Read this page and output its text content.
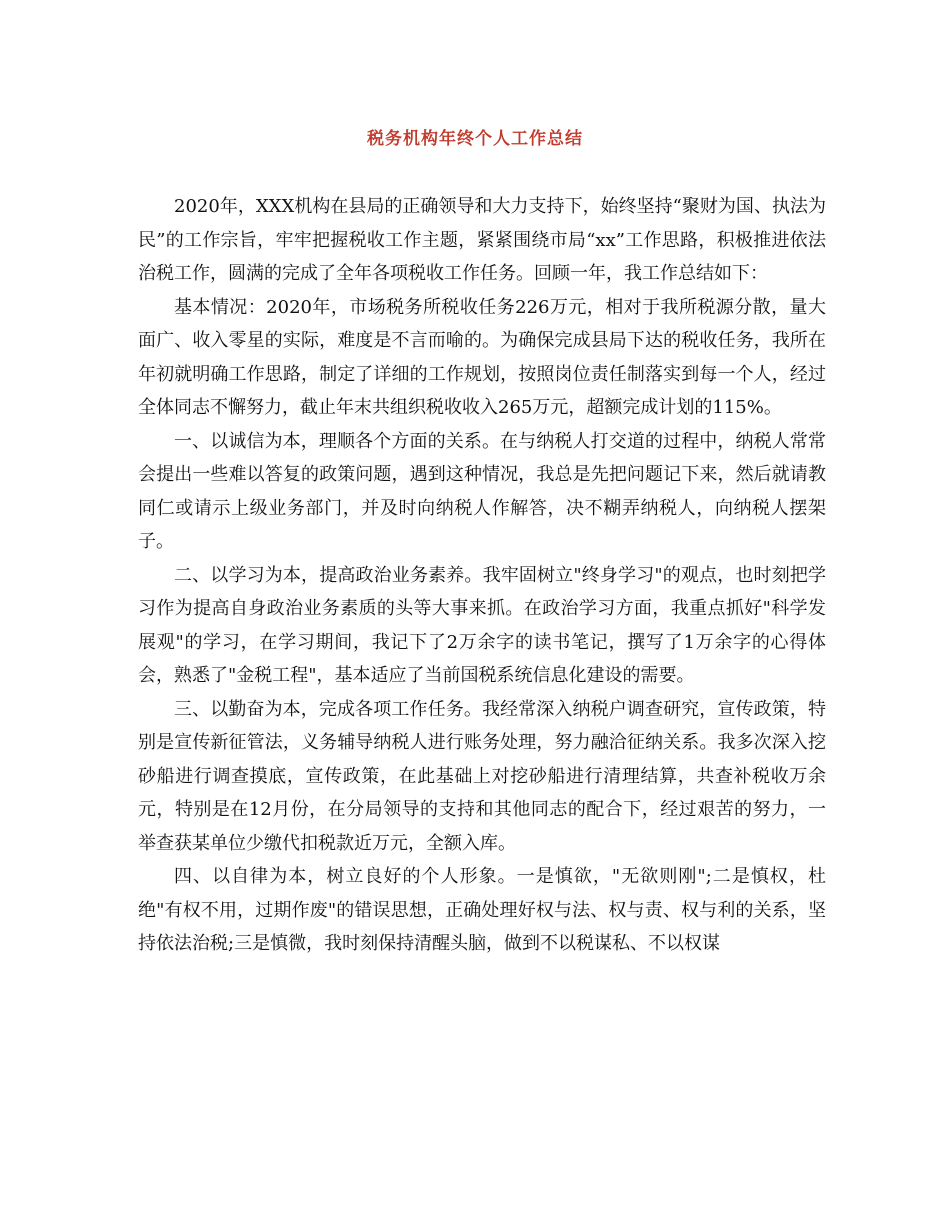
税务机构年终个人工作总结

2020年，XXX机构在县局的正确领导和大力支持下，始终坚持“聚财为国、执法为民”的工作宗旨，牢牢把握税收工作主题，紧紧围绕市局“xx”工作思路，积极推进依法治税工作，圆满的完成了全年各项税收工作任务。回顾一年，我工作总结如下：

基本情况：2020年，市场税务所税收任务226万元，相对于我所税源分散，量大面广、收入零星的实际，难度是不言而喻的。为确保完成县局下达的税收任务，我所在年初就明确工作思路，制定了详细的工作规划，按照岗位责任制落实到每一个人，经过全体同志不懈努力，截止年末共组织税收收入265万元，超额完成计划的115%。

一、以诚信为本，理顺各个方面的关系。在与纳税人打交道的过程中，纳税人常常会提出一些难以答复的政策问题，遇到这种情况，我总是先把问题记下来，然后就请教同仁或请示上级业务部门，并及时向纳税人作解答，决不糊弄纳税人，向纳税人摆架子。

二、以学习为本，提高政治业务素养。我牢固树立"终身学习"的观点，也时刻把学习作为提高自身政治业务素质的头等大事来抓。在政治学习方面，我重点抓好"科学发展观"的学习，在学习期间，我记下了2万余字的读书笔记，撰写了1万余字的心得体会，熟悉了"金税工程"，基本适应了当前国税系统信息化建设的需要。

三、以勤奋为本，完成各项工作任务。我经常深入纳税户调查研究，宣传政策，特别是宣传新征管法，义务辅导纳税人进行账务处理，努力融洽征纳关系。我多次深入挖砂船进行调查摸底，宣传政策，在此基础上对挖砂船进行清理结算，共查补税收万余元，特别是在12月份，在分局领导的支持和其他同志的配合下，经过艰苦的努力，一举查获某单位少缴代扣税款近万元，全额入库。

四、以自律为本，树立良好的个人形象。一是慎欲，"无欲则刚";二是慎权，杜绝"有权不用，过期作废"的错误思想，正确处理好权与法、权与责、权与利的关系，坚持依法治税;三是慎微，我时刻保持清醒头脑，做到不以税谋私、不以权谋
